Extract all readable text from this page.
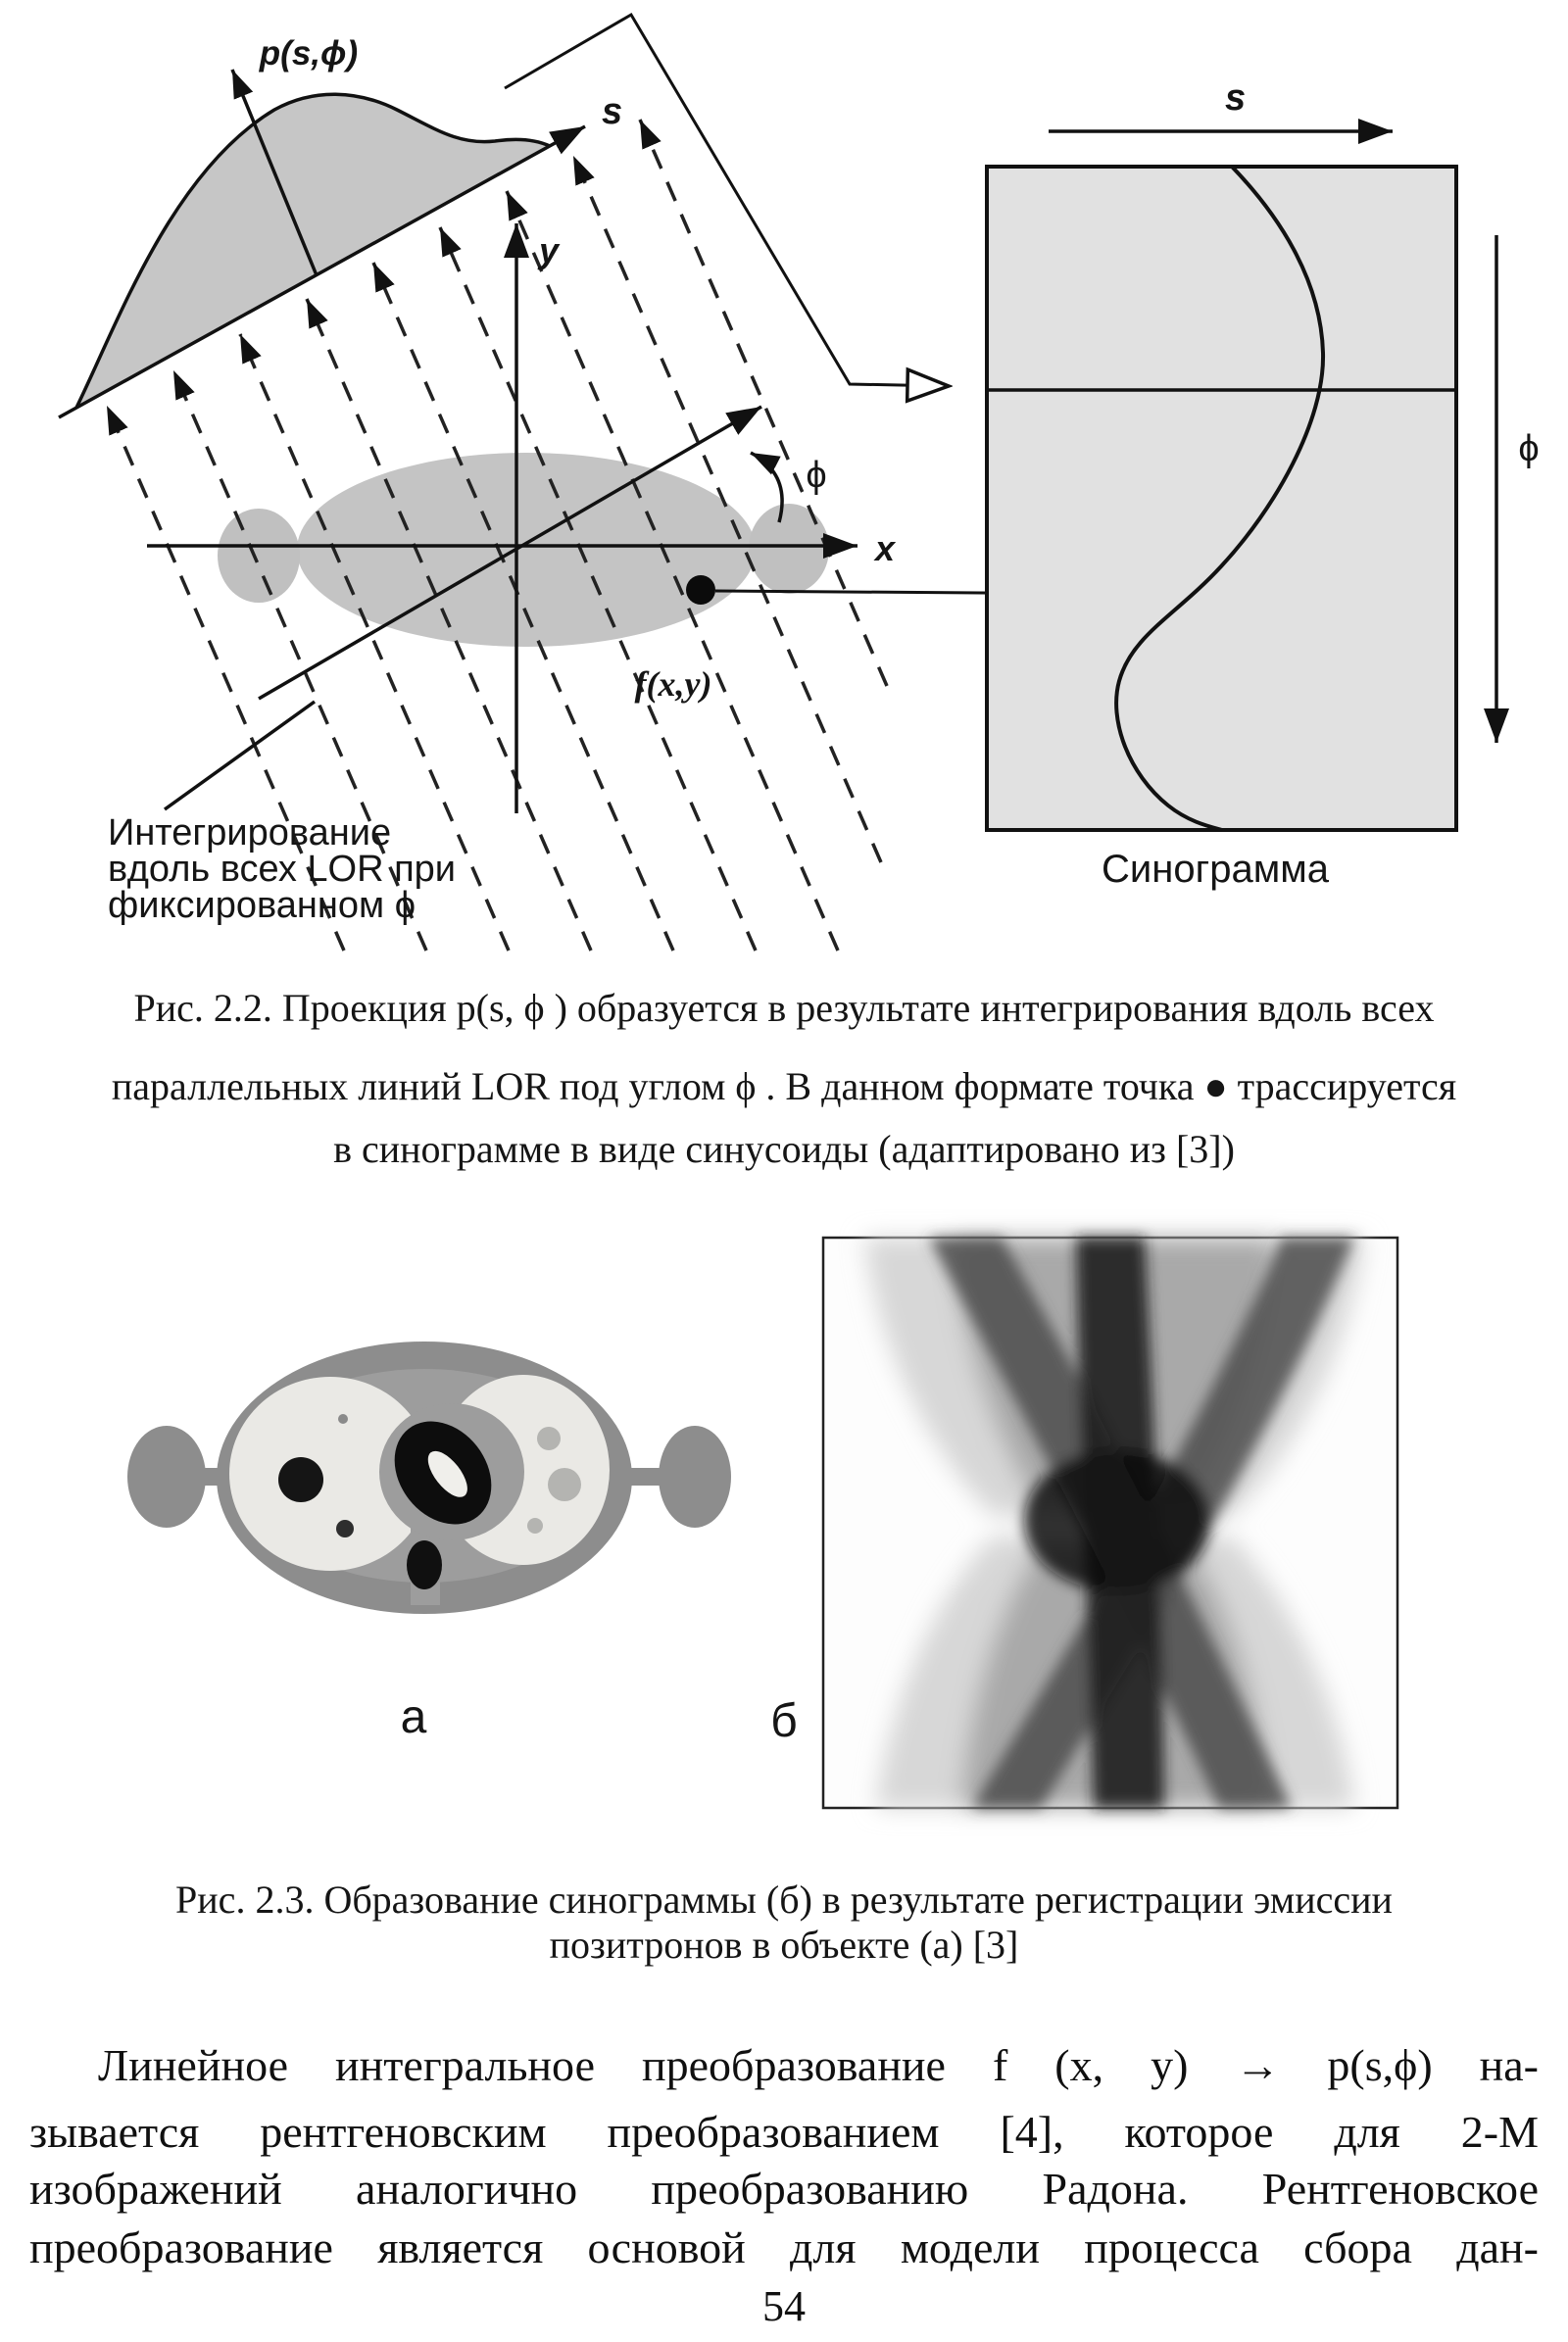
s
p(s,ϕ)
x
y
ϕ
f(x,y)
Интегрирование
вдоль всех LOR при
фиксированном ϕ
s
ϕ
Синограмма
а	б
Рис. 2.2. Проекция p(s, ϕ ) образуется в результате интегрирования вдоль всех
параллельных линий LOR под углом ϕ . В данном формате точка ● трассируется
в синограмме в виде синусоиды (адаптировано из [3])
Рис. 2.3. Образование синограммы (б) в результате регистрации эмиссии
позитронов в объекте (а) [3]
Линейное интегральное преобразование f (x, y) → p(s,ϕ) на-
зывается рентгеновским преобразованием [4], которое для 2-М
изображений аналогично преобразованию Радона. Рентгеновское
преобразование является основой для модели процесса сбора дан-
54
